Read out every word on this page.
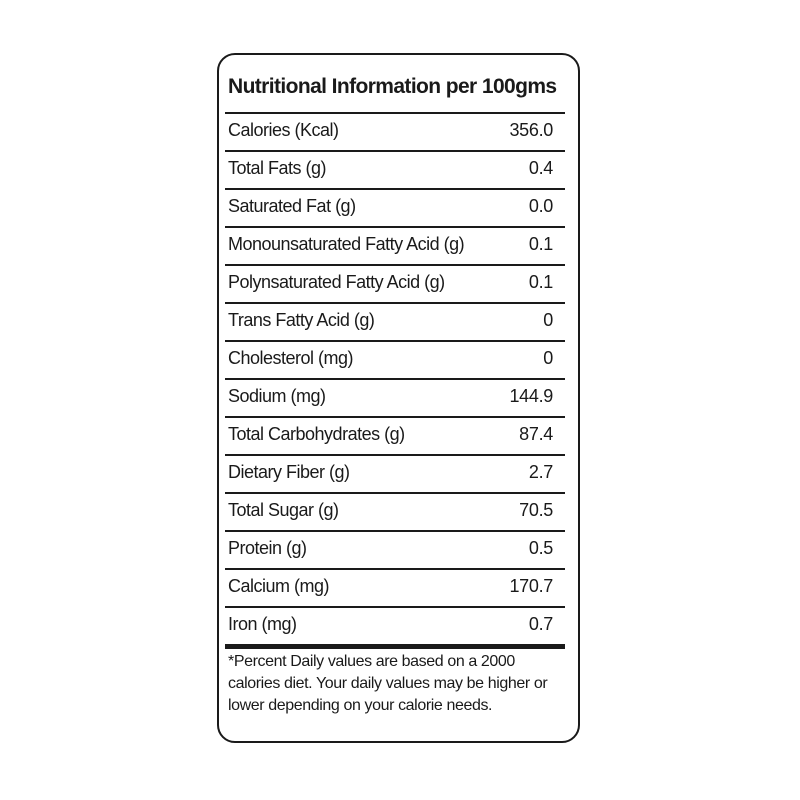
Nutritional Information per 100gms
Calories (Kcal)	356.0
Total Fats (g)	0.4
Saturated Fat (g)	0.0
Monounsaturated Fatty Acid (g)	0.1
Polynsaturated Fatty Acid (g)	0.1
Trans Fatty Acid (g)	0
Cholesterol (mg)	0
Sodium (mg)	144.9
Total Carbohydrates (g)	87.4
Dietary Fiber (g)	2.7
Total Sugar (g)	70.5
Protein (g)	0.5
Calcium (mg)	170.7
Iron (mg)	0.7
*Percent Daily values are based on a 2000
calories diet. Your daily values may be higher or
lower depending on your calorie needs.
